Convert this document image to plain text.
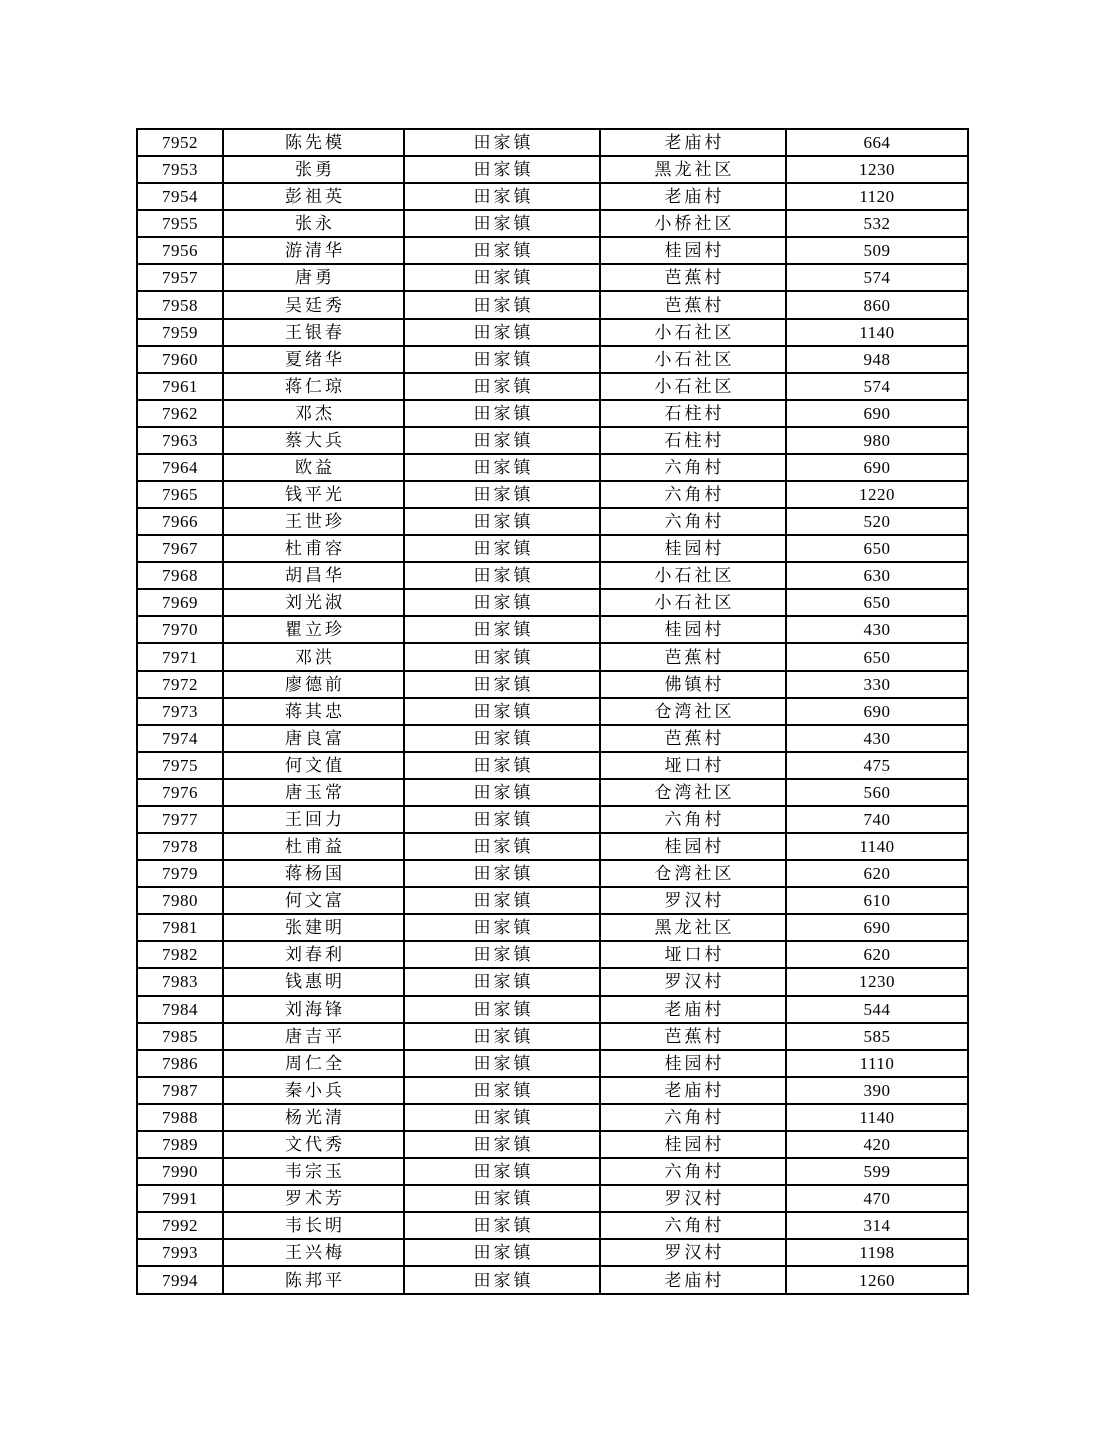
7952	陈先模	田家镇	老庙村	664
7953	张勇	田家镇	黑龙社区	1230
7954	彭祖英	田家镇	老庙村	1120
7955	张永	田家镇	小桥社区	532
7956	游清华	田家镇	桂园村	509
7957	唐勇	田家镇	芭蕉村	574
7958	吴廷秀	田家镇	芭蕉村	860
7959	王银春	田家镇	小石社区	1140
7960	夏绪华	田家镇	小石社区	948
7961	蒋仁琼	田家镇	小石社区	574
7962	邓杰	田家镇	石柱村	690
7963	蔡大兵	田家镇	石柱村	980
7964	欧益	田家镇	六角村	690
7965	钱平光	田家镇	六角村	1220
7966	王世珍	田家镇	六角村	520
7967	杜甫容	田家镇	桂园村	650
7968	胡昌华	田家镇	小石社区	630
7969	刘光淑	田家镇	小石社区	650
7970	瞿立珍	田家镇	桂园村	430
7971	邓洪	田家镇	芭蕉村	650
7972	廖德前	田家镇	佛镇村	330
7973	蒋其忠	田家镇	仓湾社区	690
7974	唐良富	田家镇	芭蕉村	430
7975	何文值	田家镇	垭口村	475
7976	唐玉常	田家镇	仓湾社区	560
7977	王回力	田家镇	六角村	740
7978	杜甫益	田家镇	桂园村	1140
7979	蒋杨国	田家镇	仓湾社区	620
7980	何文富	田家镇	罗汉村	610
7981	张建明	田家镇	黑龙社区	690
7982	刘春利	田家镇	垭口村	620
7983	钱惠明	田家镇	罗汉村	1230
7984	刘海锋	田家镇	老庙村	544
7985	唐吉平	田家镇	芭蕉村	585
7986	周仁全	田家镇	桂园村	1110
7987	秦小兵	田家镇	老庙村	390
7988	杨光清	田家镇	六角村	1140
7989	文代秀	田家镇	桂园村	420
7990	韦宗玉	田家镇	六角村	599
7991	罗术芳	田家镇	罗汉村	470
7992	韦长明	田家镇	六角村	314
7993	王兴梅	田家镇	罗汉村	1198
7994	陈邦平	田家镇	老庙村	1260
